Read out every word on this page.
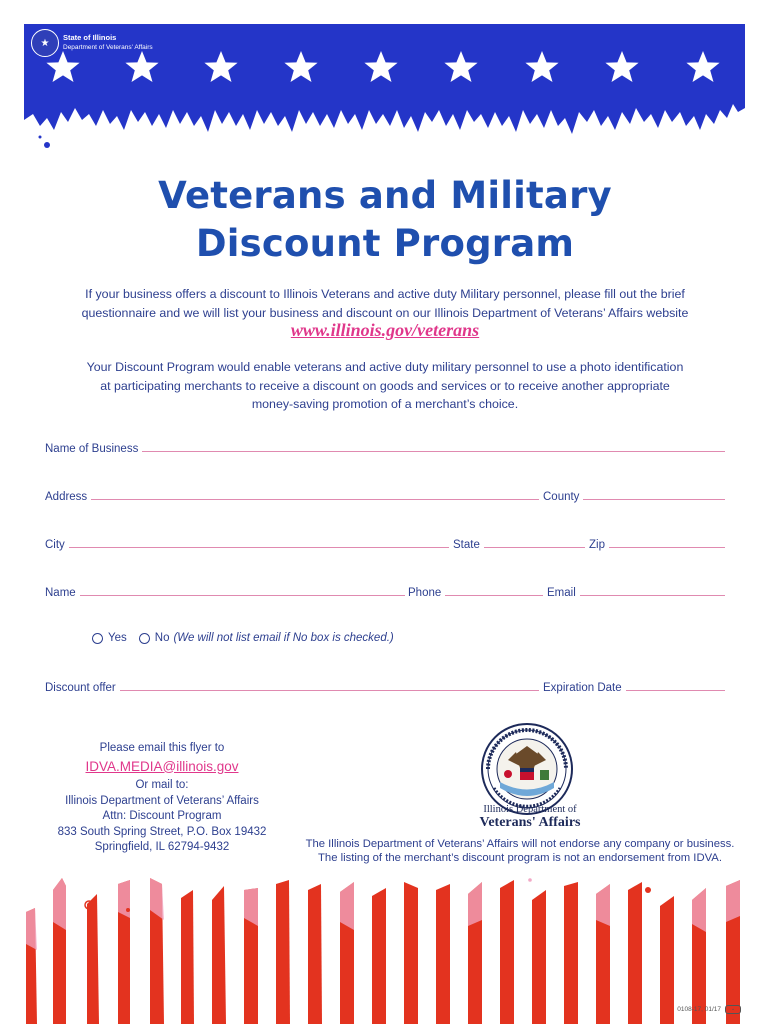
★	State of Illinois
Department of Veterans' Affairs
Veterans and Military
Discount Program
If your business offers a discount to Illinois Veterans and active duty Military personnel, please fill out the brief
questionnaire and we will list your business and discount on our Illinois Department of Veterans’ Affairs website
www.illinois.gov/veterans
Your Discount Program would enable veterans and active duty military personnel to use a photo identification
at participating merchants to receive a discount on goods and services or to receive another appropriate
money-saving promotion of a merchant’s choice.
Name of Business
Address	County
City	State	Zip
Name	Phone	Email
Yes No (We will not list email if No box is checked.)
Discount offer	Expiration Date
Please email this flyer to
IDVA.MEDIA@illinois.gov
Or mail to:
Illinois Department of Veterans’ Affairs
Attn: Discount Program
833 South Spring Street, P.O. Box 19432
Springfield, IL 62794-9432
Illinois Department of
Veterans' Affairs
The Illinois Department of Veterans’ Affairs will not endorse any company or business.
The listing of the merchant’s discount program is not an endorsement from IDVA.
0108-17, 01/17	•
